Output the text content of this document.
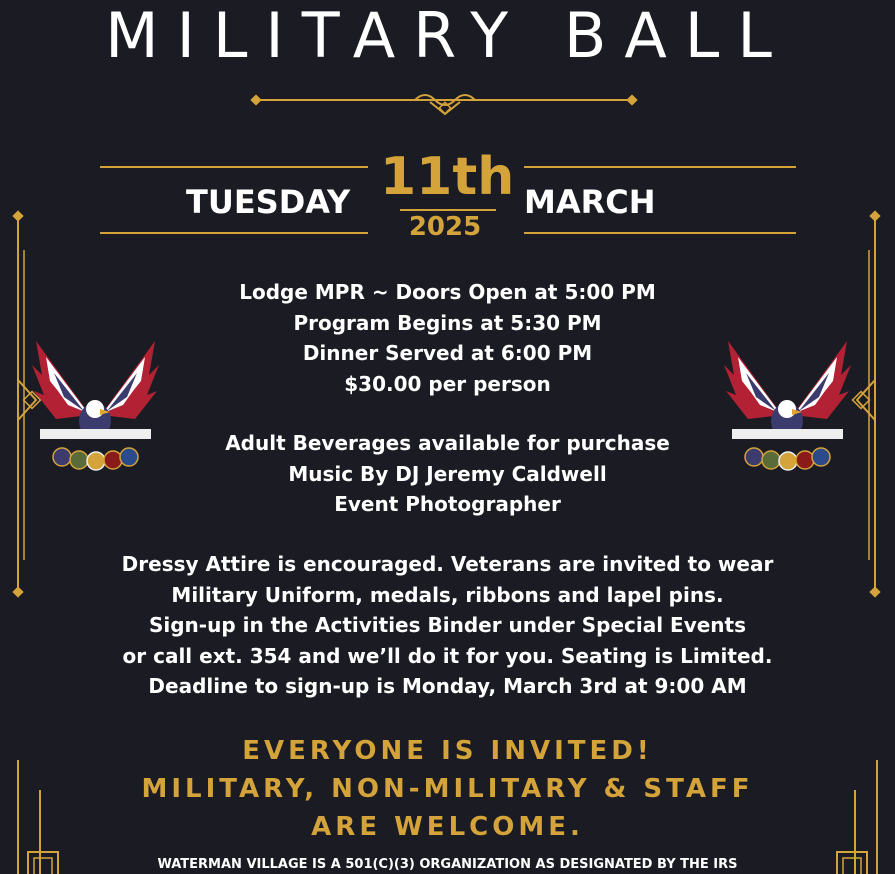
MILITARY BALL
TUESDAY 11th
2025
MARCH
Lodge MPR ~ Doors Open at 5:00 PM
Program Begins at 5:30 PM
Dinner Served at 6:00 PM
$30.00 per person
Adult Beverages available for purchase
Music By DJ Jeremy Caldwell
Event Photographer
Dressy Attire is encouraged. Veterans are invited to wear
Military Uniform, medals, ribbons and lapel pins.
Sign-up in the Activities Binder under Special Events
or call ext. 354 and we’ll do it for you. Seating is Limited.
Deadline to sign-up is Monday, March 3rd at 9:00 AM
EVERYONE IS INVITED!
MILITARY, NON-MILITARY & STAFF
ARE WELCOME.
WATERMAN VILLAGE IS A 501(C)(3) ORGANIZATION AS DESIGNATED BY THE IRS
